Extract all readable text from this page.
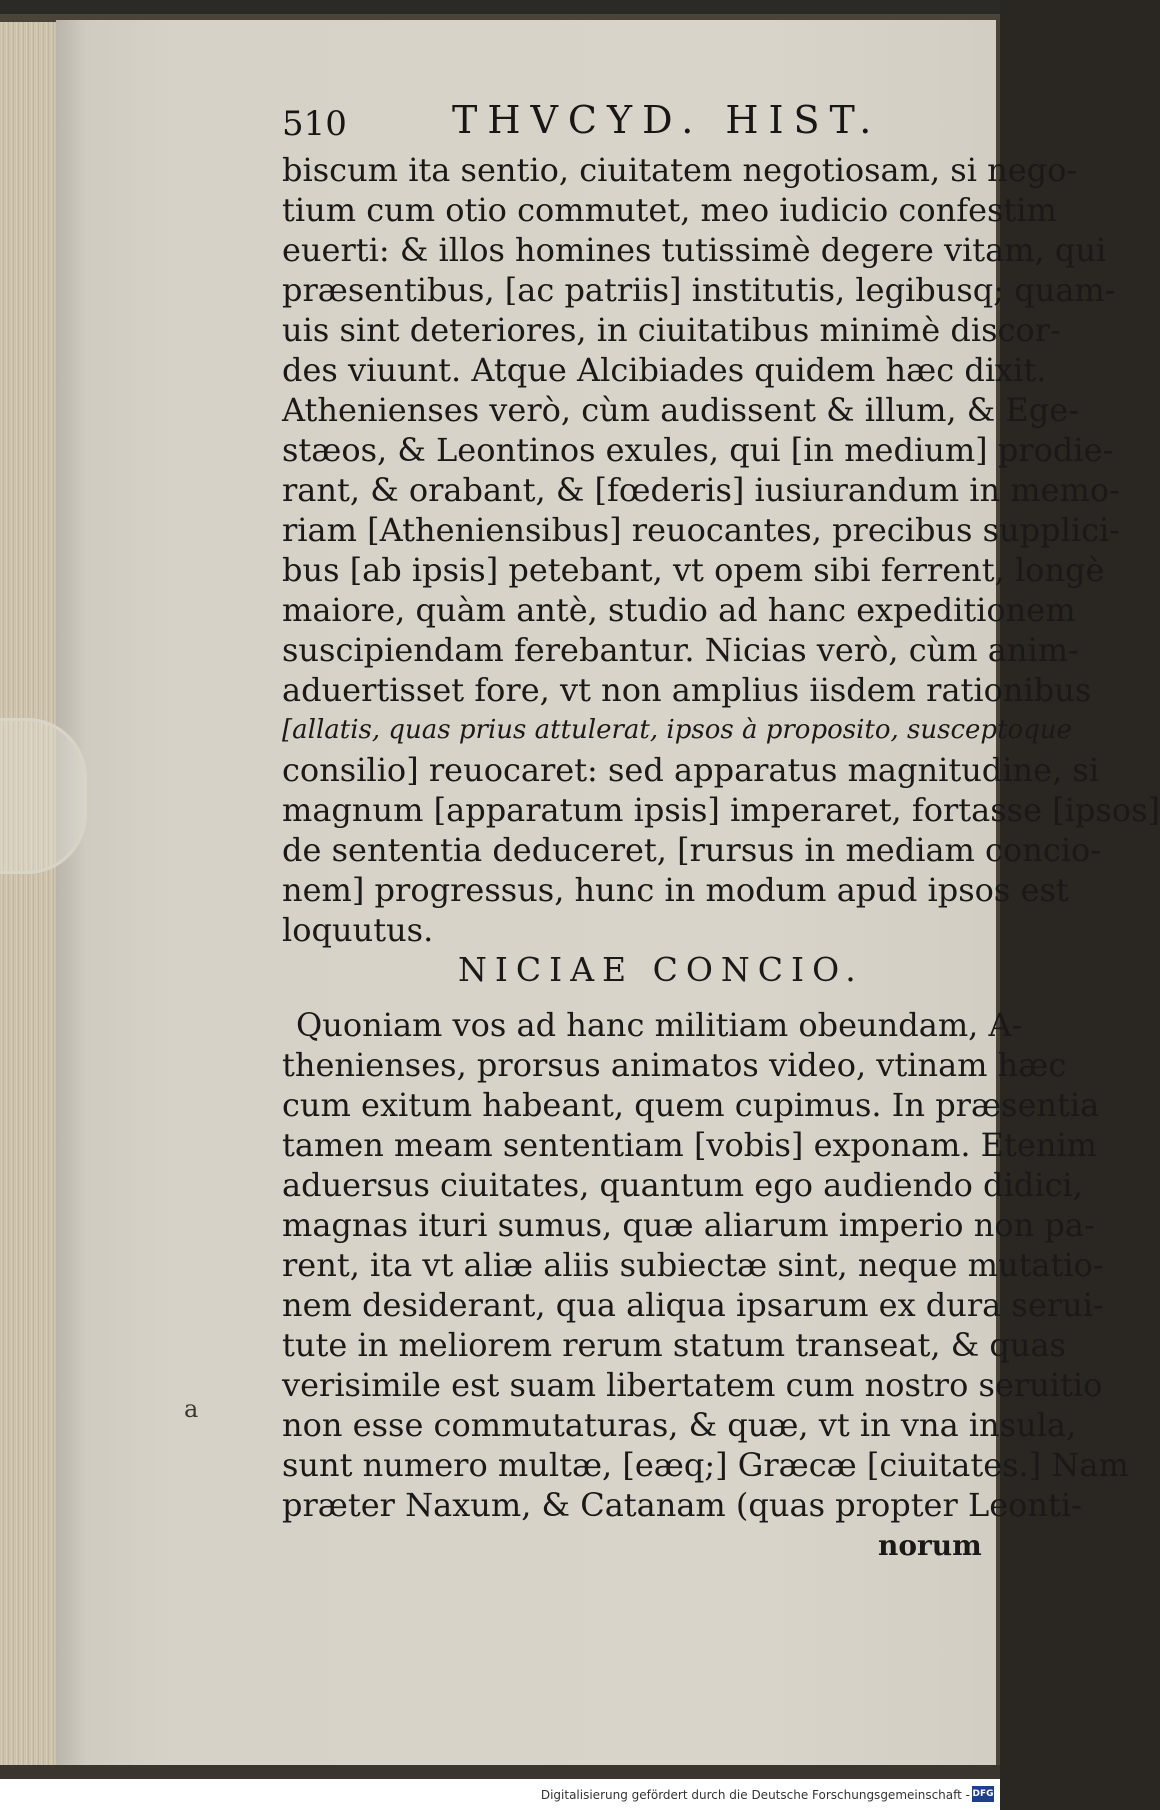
510	THVCYD. HIST.
biscum ita sentio, ciuitatem negotiosam, si nego-
tium cum otio commutet, meo iudicio confestim
euerti: & illos homines tutissimè degere vitam, qui
præsentibus, [ac patriis] institutis, legibusq; quam-
uis sint deteriores, in ciuitatibus minimè discor-
des viuunt. Atque Alcibiades quidem hæc dixit.
Athenienses verò, cùm audissent & illum, & Ege-
stæos, & Leontinos exules, qui [in medium] prodie-
rant, & orabant, & [fœderis] iusiurandum in memo-
riam [Atheniensibus] reuocantes, precibus supplici-
bus [ab ipsis] petebant, vt opem sibi ferrent, longè
maiore, quàm antè, studio ad hanc expeditionem
suscipiendam ferebantur. Nicias verò, cùm anim-
aduertisset fore, vt non amplius iisdem rationibus
[allatis, quas prius attulerat, ipsos à proposito, susceptoque
consilio] reuocaret: sed apparatus magnitudine, si
magnum [apparatum ipsis] imperaret, fortasse [ipsos]
de sententia deduceret, [rursus in mediam concio-
nem] progressus, hunc in modum apud ipsos est
loquutus.
NICIAE CONCIO.
Quoniam vos ad hanc militiam obeundam, A-
thenienses, prorsus animatos video, vtinam hæc
cum exitum habeant, quem cupimus. In præsentia
tamen meam sententiam [vobis] exponam. Etenim
aduersus ciuitates, quantum ego audiendo didici,
magnas ituri sumus, quæ aliarum imperio non pa-
rent, ita vt aliæ aliis subiectæ sint, neque mutatio-
nem desiderant, qua aliqua ipsarum ex dura serui-
tute in meliorem rerum statum transeat, & quas
verisimile est suam libertatem cum nostro seruitio
non esse commutaturas, & quæ, vt in vna insula,
sunt numero multæ, [eæq;] Græcæ [ciuitates.] Nam
præter Naxum, & Catanam (quas propter Leonti-
norum
a
Digitalisierung gefördert durch die Deutsche Forschungsgemeinschaft - DFG
